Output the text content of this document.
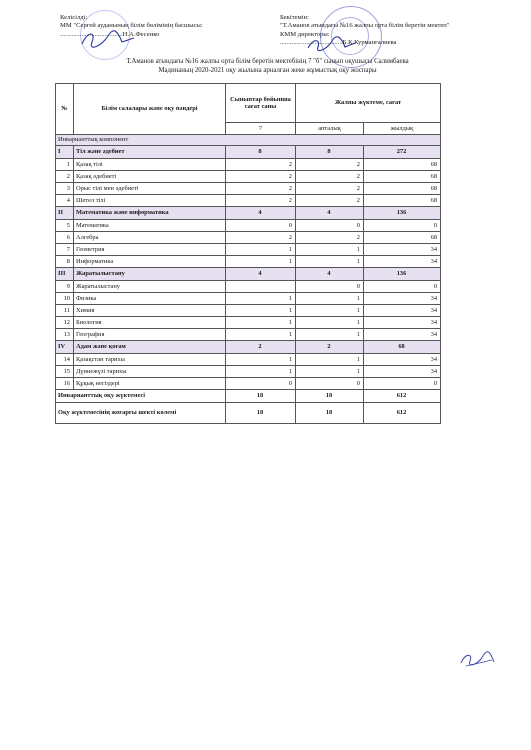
Келісілді:
ММ "Сергей ауданының білім бөлімінің басшысы:
......................................Н.А.Фесенко
Бекітемін:
"Т.Аманов атындағы №16 жалпы орта білім беретін мектеп"
КММ директоры:
......................................Б.К.Курмангалиева
Т.Аманов атындағы №16 жалпы орта білім беретін мектебінің 7 "б" сынып оқушысы Салимбаева
Мадинаның 2020-2021 оқу жылына арналған жеке жұмыстық оқу жоспары
№	Білім салалары және оқу пәндері	Сыныптар бойынша сағат саны	Жалпы жүктеме, сағат	
		7	апталық	жылдық
Инварианттық компонент				
I	Тіл және әдебиет	8	8	272
1	Қазақ тілі	2	2	68
2	Қазақ әдебиеті	2	2	68
3	Орыс тілі мен әдебиеті	2	2	68
4	Шетел тілі	2	2	68
II	Математика және информатика	4	4	136
5	Математика	0	0	0
6	Алгебра	2	2	68
7	Геометрия	1	1	34
8	Информатика	1	1	34
III	Жаратылыстану	4	4	136
9	Жаратылыстану		0	0
10	Физика	1	1	34
11	Химия	1	1	34
12	Биология	1	1	34
13	География	1	1	34
IV	Адам және қоғам	2	2	68
14	Қазақстан тарихы	1	1	34
15	Дүниежүзі тарихы	1	1	34
16	Құқық негіздері	0	0	0
Инварианттық оқу жүктемесі		18	18	612
Оқу жүктемесінің жоғарғы шекті көлемі		18	18	612
